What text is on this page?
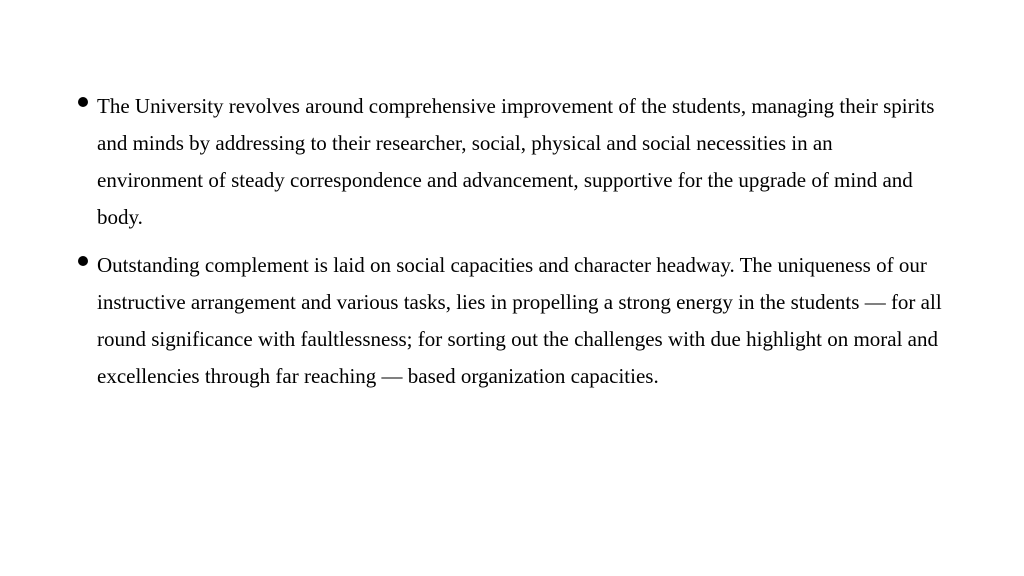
The University revolves around comprehensive improvement of the students, managing their spirits and minds by addressing to their researcher, social, physical and social necessities in an environment of steady correspondence and advancement, supportive for the upgrade of mind and body.
Outstanding complement is laid on social capacities and character headway. The uniqueness of our instructive arrangement and various tasks, lies in propelling a strong energy in the students — for all round significance with faultlessness; for sorting out the challenges with due highlight on moral and excellencies through far reaching — based organization capacities.
